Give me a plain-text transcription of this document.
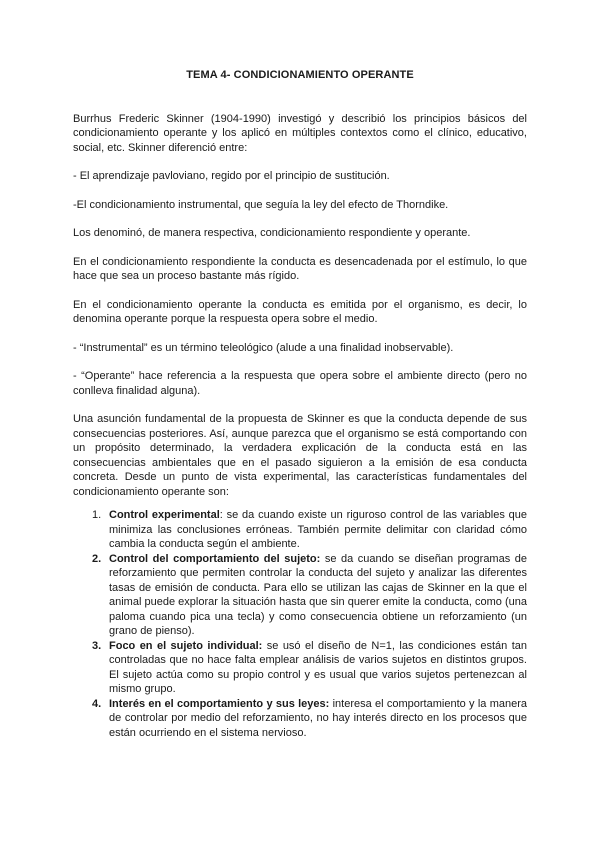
TEMA 4- CONDICIONAMIENTO OPERANTE

Burrhus Frederic Skinner (1904-1990) investigó y describió los principios básicos del condicionamiento operante y los aplicó en múltiples contextos como el clínico, educativo, social, etc. Skinner diferenció entre:

- El aprendizaje pavloviano, regido por el principio de sustitución.

-El condicionamiento instrumental, que seguía la ley del efecto de Thorndike.

Los denominó, de manera respectiva, condicionamiento respondiente y operante.

En el condicionamiento respondiente la conducta es desencadenada por el estímulo, lo que hace que sea un proceso bastante más rígido.

En el condicionamiento operante la conducta es emitida por el organismo, es decir, lo denomina operante porque la respuesta opera sobre el medio.

- “Instrumental” es un término teleológico (alude a una finalidad inobservable).

- “Operante” hace referencia a la respuesta que opera sobre el ambiente directo (pero no conlleva finalidad alguna).

Una asunción fundamental de la propuesta de Skinner es que la conducta depende de sus consecuencias posteriores. Así, aunque parezca que el organismo se está comportando con un propósito determinado, la verdadera explicación de la conducta está en las consecuencias ambientales que en el pasado siguieron a la emisión de esa conducta concreta. Desde un punto de vista experimental, las características fundamentales del condicionamiento operante son:

1. Control experimental: se da cuando existe un riguroso control de las variables que minimiza las conclusiones erróneas. También permite delimitar con claridad cómo cambia la conducta según el ambiente.
2. Control del comportamiento del sujeto: se da cuando se diseñan programas de reforzamiento que permiten controlar la conducta del sujeto y analizar las diferentes tasas de emisión de conducta. Para ello se utilizan las cajas de Skinner en la que el animal puede explorar la situación hasta que sin querer emite la conducta, como (una paloma cuando pica una tecla) y como consecuencia obtiene un reforzamiento (un grano de pienso).
3. Foco en el sujeto individual: se usó el diseño de N=1, las condiciones están tan controladas que no hace falta emplear análisis de varios sujetos en distintos grupos. El sujeto actúa como su propio control y es usual que varios sujetos pertenezcan al mismo grupo.
4. Interés en el comportamiento y sus leyes: interesa el comportamiento y la manera de controlar por medio del reforzamiento, no hay interés directo en los procesos que están ocurriendo en el sistema nervioso.
